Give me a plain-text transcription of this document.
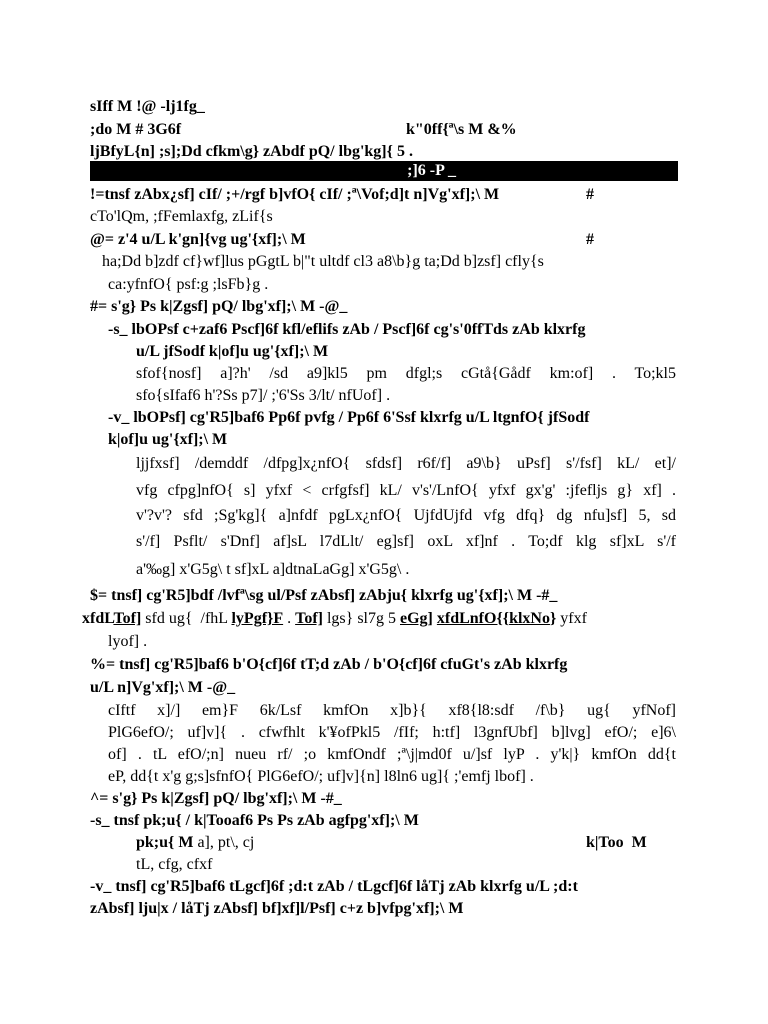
sIff M !@ -lj1fg_

;do M # 3G6f

	k"0ff{ª\s M &%

ljBfyL{n] ;s];Dd cfkm\g} zAbdf pQ/ lbg'kg]{ 5 .

;]6 -P _

!=tnsf zAbx¿sf] cIf/ ;+/rgf b]vfO{ cIf/ ;ª\Vof;d]t n]Vg'xf];\ M

	#

cTo'lQm, ;fFemlaxfg, zLif{s

@= z'4 u/L k'gn]{vg ug'{xf];\ M

	#

ha;Dd b]zdf cf}wf]lus pGgtL b|"t ultdf cl3 a8\b}g ta;Dd b]zsf] cfly{s

ca:yfnfO{ psf:g ;lsFb}g .

#= s'g} Ps k|Zgsf] pQ/ lbg'xf];\ M -@_

-s_ lbOPsf c+zaf6 Pscf]6f kfl/eflifs zAb / Pscf]6f cg's'0ffTds zAb klxrfg

u/L jfSodf k|of]u ug'{xf];\ M

sfof{nosf] a]?h' /sd a9]kl5 pm dfgl;s cGtå{Gådf km:of] . To;kl5

sfo{sIfaf6 h'?Ss p7]/ ;'6'Ss 3/lt/ nfUof] .

-v_ lbOPsf] cg'R5]baf6 Pp6f pvfg / Pp6f 6'Ssf klxrfg u/L ltgnfO{ jfSodf

k|of]u ug'{xf];\ M

ljjfxsf] /demddf /dfpg]x¿nfO{ sfdsf] r6f/f] a9\b} uPsf] s'/fsf] kL/ et]/

vfg cfpg]nfO{ s] yfxf < crfgfsf] kL/ v's'/LnfO{ yfxf gx'g' :jfefljs g} xf] .

v'?v'? sfd ;Sg'kg]{ a]nfdf pgLx¿nfO{ UjfdUjfd vfg dfq} dg nfu]sf] 5, sd

s'/f] Psflt/ s'Dnf] af]sL l7dLlt/ eg]sf] oxL xf]nf . To;df klg sf]xL s'/f

a'‰g] x'G5g\ t sf]xL a]dtnaLaGg] x'G5g\ .

$= tnsf] cg'R5]bdf /lvfª\sg ul/Psf zAbsf] zAbju{ klxrfg ug'{xf];\ M -#_

xfdLTof] sfd ug{  /fhL lyPgf}F . Tof] lgs} sl7g 5 eGg] xfdLnfO{{klxNo} yfxf

lyof] .

%= tnsf] cg'R5]baf6 b'O{cf]6f tT;d zAb / b'O{cf]6f cfuGt's zAb klxrfg

u/L n]Vg'xf];\ M -@_

cIftf x]/] em}F 6k/Lsf kmfOn x]b}{ xf8{l8:sdf /f\b} ug{ yfNof]

PlG6efO/; uf]v]{ . cfwfhlt k'¥ofPkl5 /fIf; h:tf] l3gnfUbf] b]lvg] efO/; e]6\

of] . tL efO/;n] nueu rf/ ;o kmfOndf ;ª\j|md0f u/]sf lyP . y'k|} kmfOn dd{t

eP, dd{t x'g g;s]sfnfO{ PlG6efO/; uf]v]{n] l8ln6 ug]{ ;'emfj lbof] .

^= s'g} Ps k|Zgsf] pQ/ lbg'xf];\ M -#_

-s_ tnsf pk;u{ / k|Tooaf6 Ps Ps zAb agfpg'xf];\ M

pk;u{ M a], pt\, cj

	k|Too  M

tL, cfg, cfxf

-v_ tnsf] cg'R5]baf6 tLgcf]6f ;d:t zAb / tLgcf]6f låTj zAb klxrfg u/L ;d:t

zAbsf] lju|x / låTj zAbsf] bf]xf]l/Psf] c+z b]vfpg'xf];\ M
